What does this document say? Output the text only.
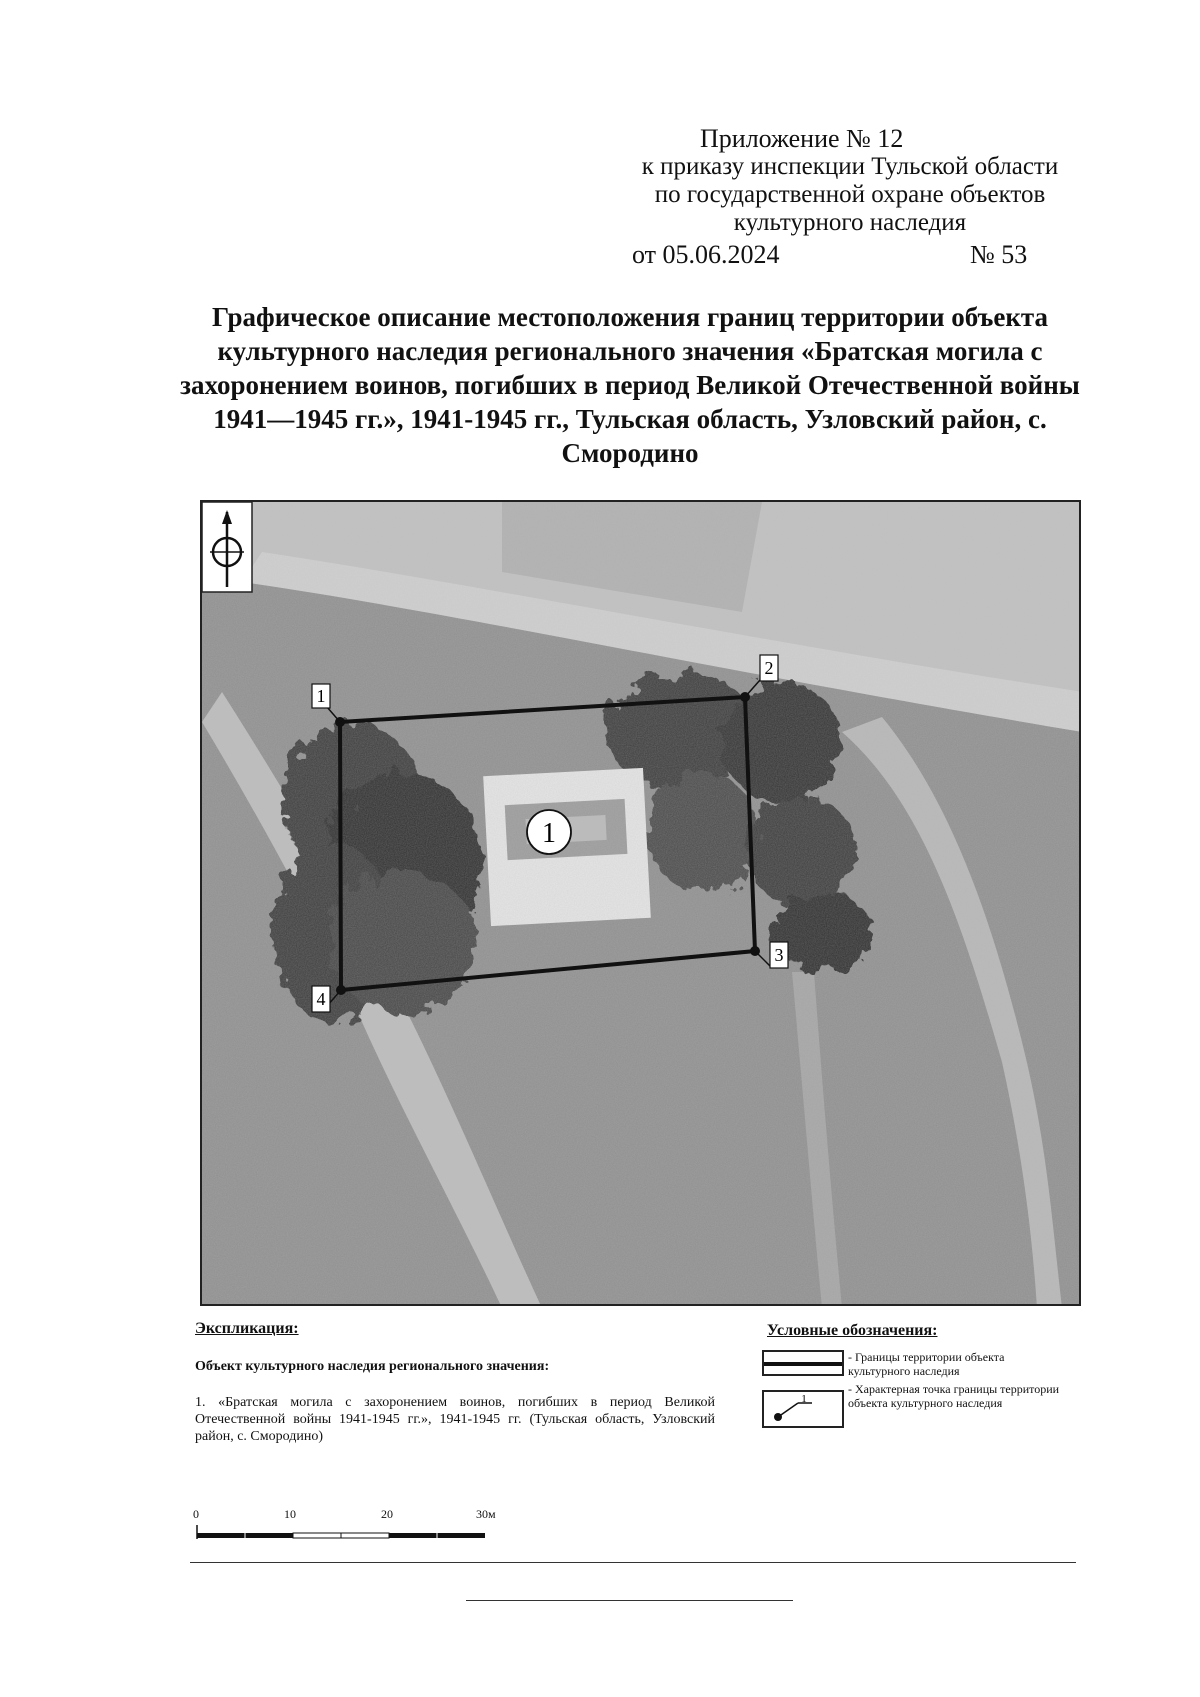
Приложение № 12
к приказу инспекции Тульской области
по государственной охране объектов
культурного наследия
от 05.06.2024	№ 53
Графическое описание местоположения границ территории объекта культурного наследия регионального значения «Братская могила с захоронением воинов, погибших в период Великой Отечественной войны 1941—1945 гг.», 1941-1945 гг., Тульская область, Узловский район, с. Смородино
1
2
3
4
1
Экспликация:
Объект культурного наследия регионального значения:
1. «Братская могила с захоронением воинов, погибших в период Великой Отечественной войны 1941-1945 гг.», 1941-1945 гг. (Тульская область, Узловский район, с. Смородино)
Условные обозначения:
- Границы территории объекта культурного наследия
1
- Характерная точка границы территории объекта культурного наследия
0	10	20	30м
